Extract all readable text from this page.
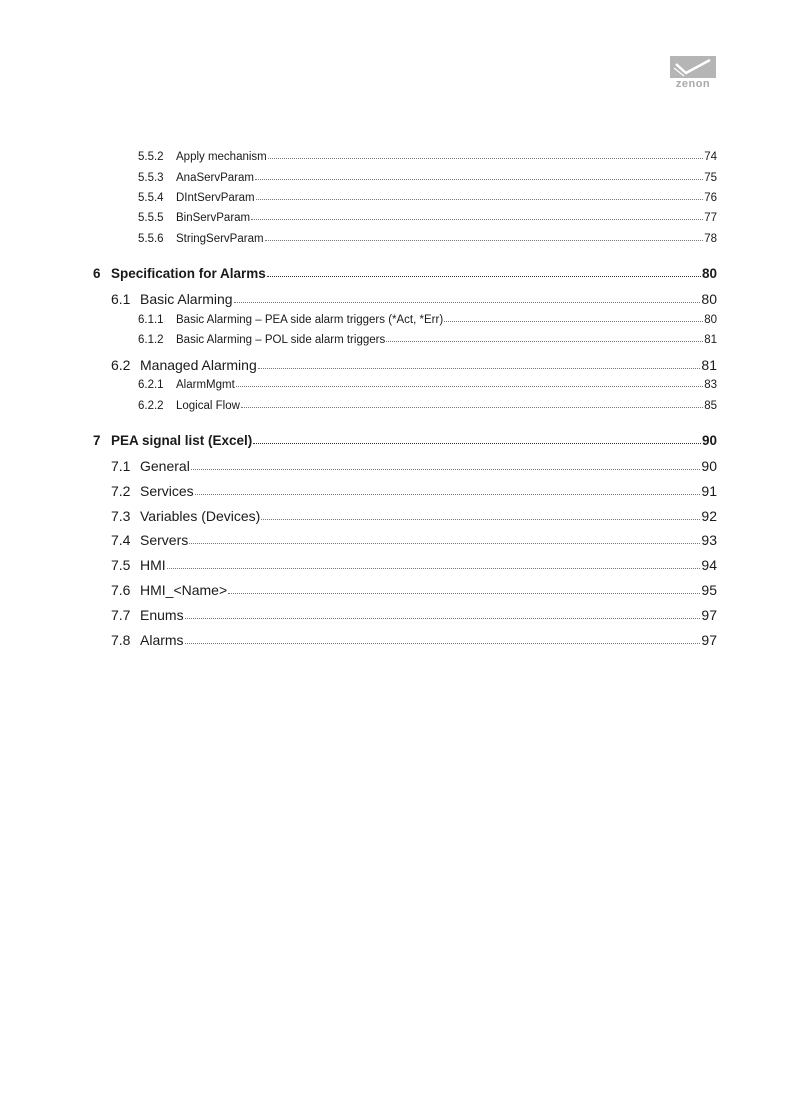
zenon
5.5.2	Apply mechanism	74
5.5.3	AnaServParam	75
5.5.4	DIntServParam	76
5.5.5	BinServParam	77
5.5.6	StringServParam	78
6 Specification for Alarms	80
6.1 Basic Alarming	80
6.1.1	Basic Alarming – PEA side alarm triggers (*Act, *Err)	80
6.1.2	Basic Alarming – POL side alarm triggers	81
6.2 Managed Alarming	81
6.2.1	AlarmMgmt	83
6.2.2	Logical Flow	85
7 PEA signal list (Excel)	90
7.1 General	90
7.2 Services	91
7.3 Variables (Devices)	92
7.4 Servers	93
7.5 HMI	94
7.6 HMI_<Name>	95
7.7 Enums	97
7.8 Alarms	97
